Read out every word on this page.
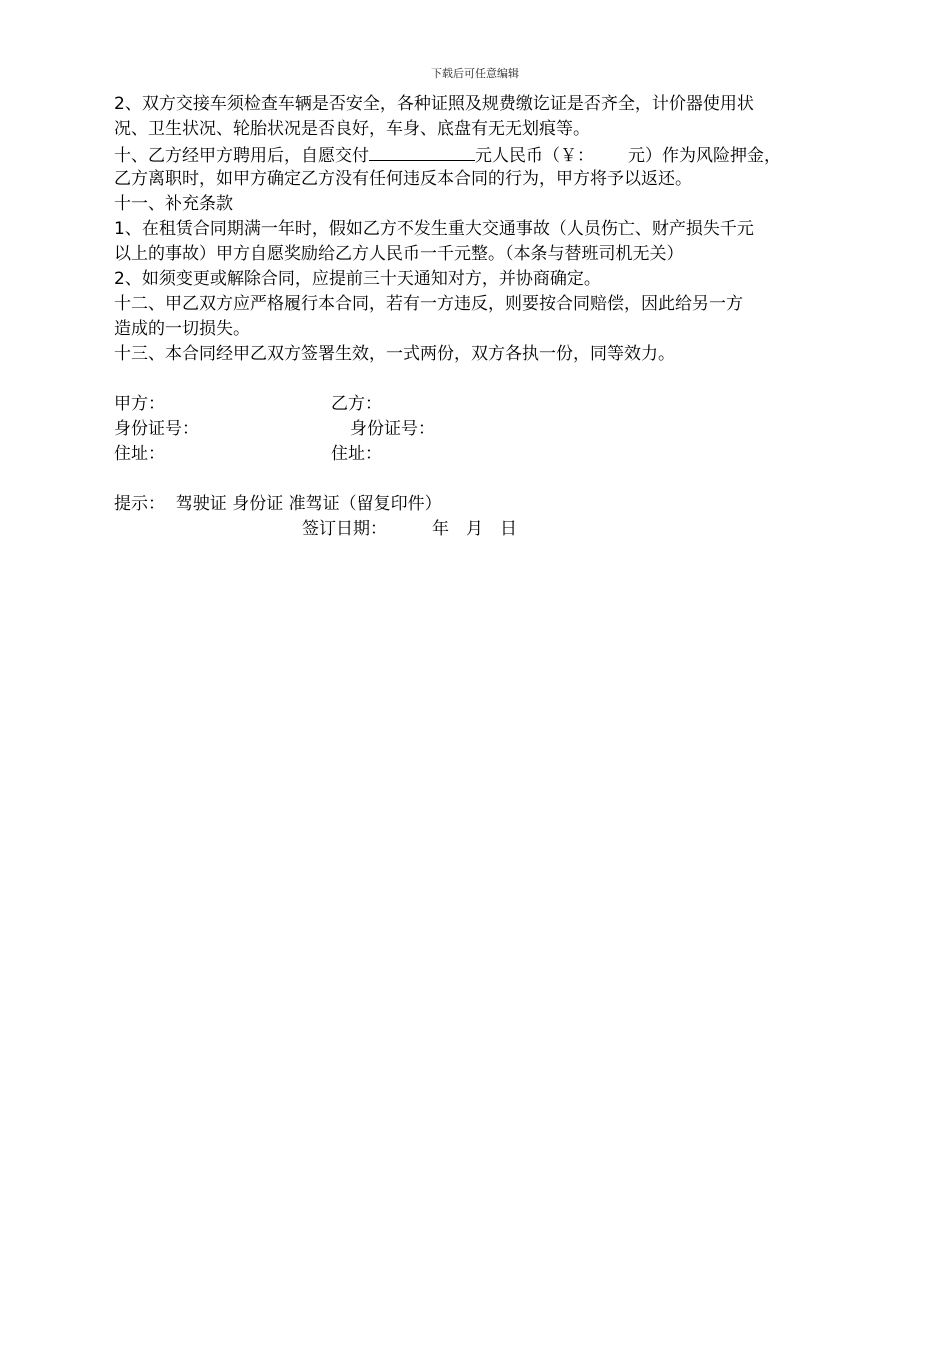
下载后可任意编辑
2、双方交接车须检查车辆是否安全，各种证照及规费缴讫证是否齐全，计价器使用状
况、卫生状况、轮胎状况是否良好，车身、底盘有无无划痕等。
十、乙方经甲方聘用后，自愿交付	元人民币（￥： 元）作为风险押金，
乙方离职时，如甲方确定乙方没有任何违反本合同的行为，甲方将予以返还。
十一、补充条款
1、在租赁合同期满一年时，假如乙方不发生重大交通事故（人员伤亡、财产损失千元
以上的事故）甲方自愿奖励给乙方人民币一千元整。（本条与替班司机无关）
2、如须变更或解除合同，应提前三十天通知对方，并协商确定。
十二、甲乙双方应严格履行本合同，若有一方违反，则要按合同赔偿，因此给另一方
造成的一切损失。
十三、本合同经甲乙双方签署生效，一式两份，双方各执一份，同等效力。
甲方：	乙方：
身份证号：	身份证号：
住址：	住址：
提示：  驾驶证 身份证 准驾证（留复印件）
签订日期：	年 月 日
